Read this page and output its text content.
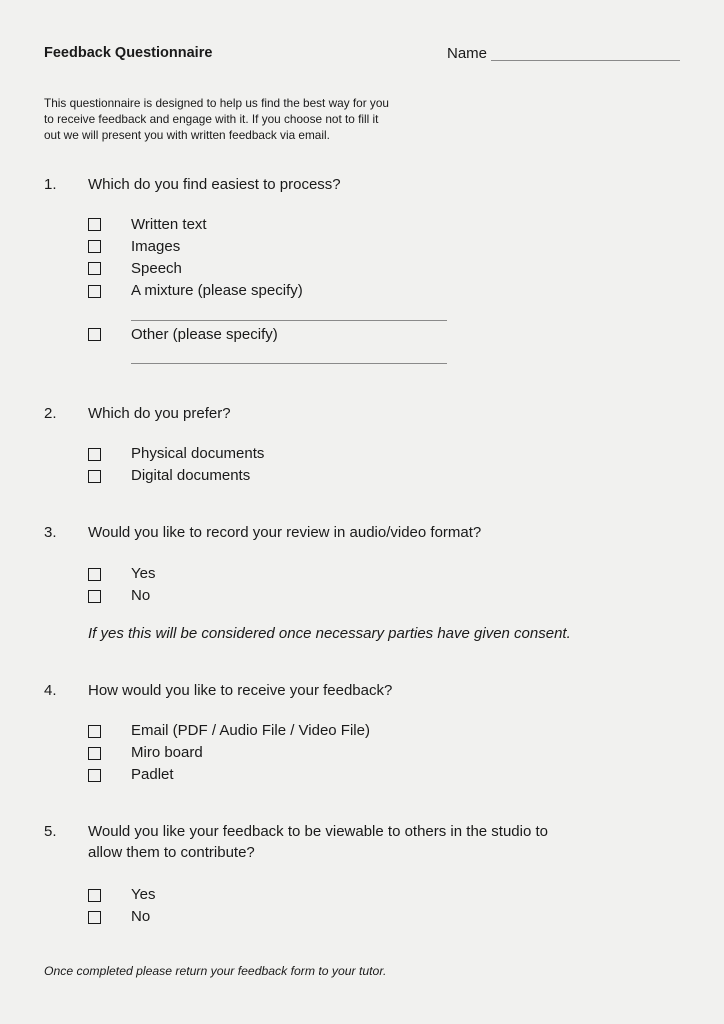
Feedback Questionnaire	Name
This questionnaire is designed to help us find the best way for you
to receive feedback and engage with it. If you choose not to fill it
out we will present you with written feedback via email.
1. Which do you find easiest to process?
Written text
Images
Speech
A mixture (please specify)
Other (please specify)
2. Which do you prefer?
Physical documents
Digital documents
3. Would you like to record your review in audio/video format?
Yes
No
If yes this will be considered once necessary parties have given consent.
4. How would you like to receive your feedback?
Email (PDF / Audio File / Video File)
Miro board
Padlet
5. Would you like your feedback to be viewable to others in the studio to
allow them to contribute?
Yes
No
Once completed please return your feedback form to your tutor.
